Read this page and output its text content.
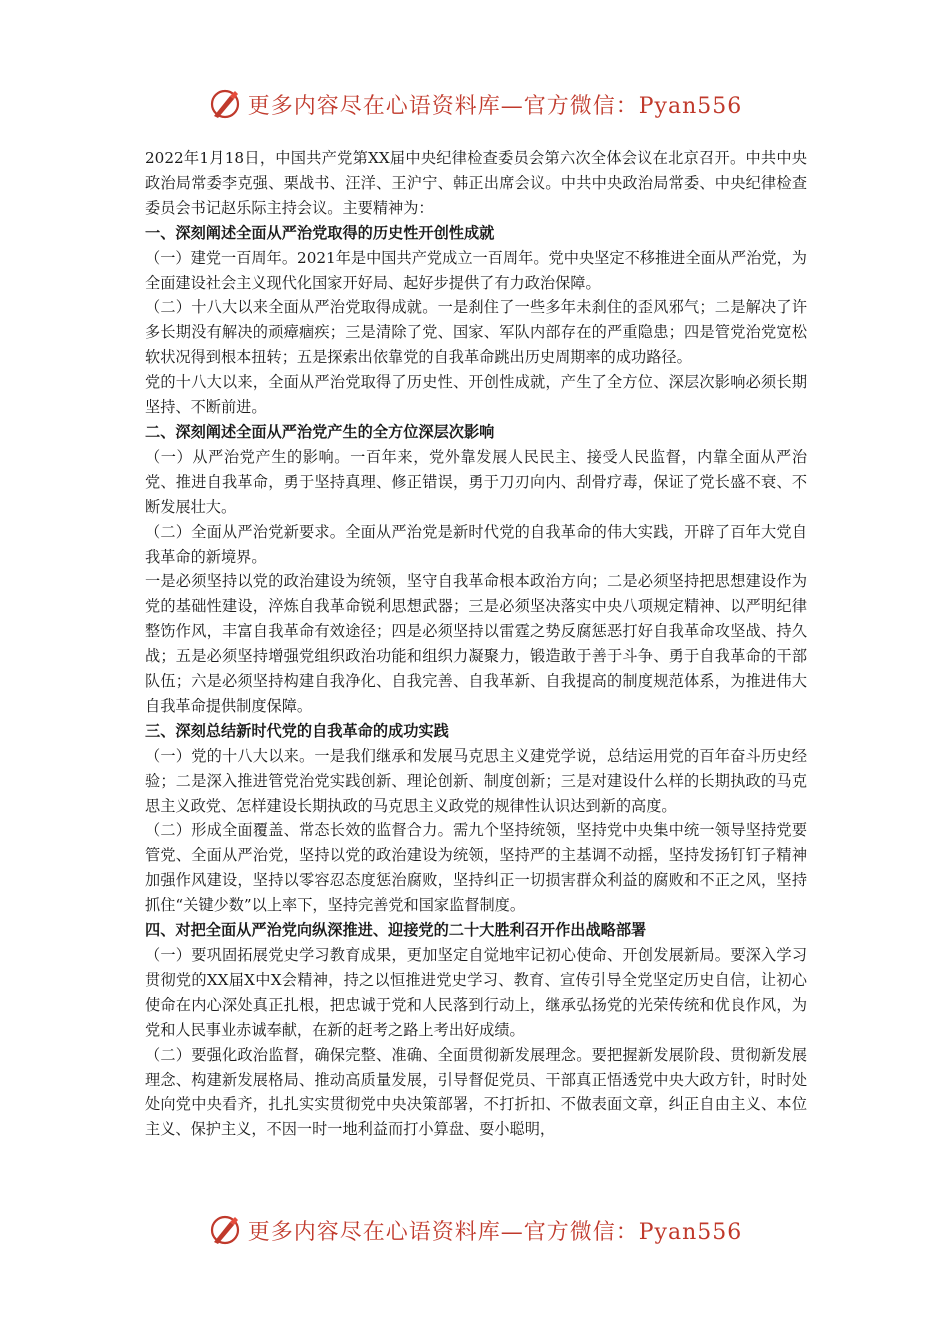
更多内容尽在心语资料库—官方微信：Pyan556

2022年1月18日，中国共产党第XX届中央纪律检查委员会第六次全体会议在北京召开。中共中央政治局常委李克强、栗战书、汪洋、王沪宁、韩正出席会议。中共中央政治局常委、中央纪律检查委员会书记赵乐际主持会议。主要精神为：

一、深刻阐述全面从严治党取得的历史性开创性成就

（一）建党一百周年。2021年是中国共产党成立一百周年。党中央坚定不移推进全面从严治党，为全面建设社会主义现代化国家开好局、起好步提供了有力政治保障。

（二）十八大以来全面从严治党取得成就。一是刹住了一些多年未刹住的歪风邪气；二是解决了许多长期没有解决的顽瘴痼疾；三是清除了党、国家、军队内部存在的严重隐患；四是管党治党宽松软状况得到根本扭转；五是探索出依靠党的自我革命跳出历史周期率的成功路径。

党的十八大以来，全面从严治党取得了历史性、开创性成就，产生了全方位、深层次影响必须长期坚持、不断前进。

二、深刻阐述全面从严治党产生的全方位深层次影响

（一）从严治党产生的影响。一百年来，党外靠发展人民民主、接受人民监督，内靠全面从严治党、推进自我革命，勇于坚持真理、修正错误，勇于刀刃向内、刮骨疗毒，保证了党长盛不衰、不断发展壮大。

（二）全面从严治党新要求。全面从严治党是新时代党的自我革命的伟大实践，开辟了百年大党自我革命的新境界。

一是必须坚持以党的政治建设为统领，坚守自我革命根本政治方向；二是必须坚持把思想建设作为党的基础性建设，淬炼自我革命锐利思想武器；三是必须坚决落实中央八项规定精神、以严明纪律整饬作风，丰富自我革命有效途径；四是必须坚持以雷霆之势反腐惩恶打好自我革命攻坚战、持久战；五是必须坚持增强党组织政治功能和组织力凝聚力，锻造敢于善于斗争、勇于自我革命的干部队伍；六是必须坚持构建自我净化、自我完善、自我革新、自我提高的制度规范体系，为推进伟大自我革命提供制度保障。

三、深刻总结新时代党的自我革命的成功实践

（一）党的十八大以来。一是我们继承和发展马克思主义建党学说，总结运用党的百年奋斗历史经验；二是深入推进管党治党实践创新、理论创新、制度创新；三是对建设什么样的长期执政的马克思主义政党、怎样建设长期执政的马克思主义政党的规律性认识达到新的高度。

（二）形成全面覆盖、常态长效的监督合力。需九个坚持统领，坚持党中央集中统一领导坚持党要管党、全面从严治党，坚持以党的政治建设为统领，坚持严的主基调不动摇，坚持发扬钉钉子精神加强作风建设，坚持以零容忍态度惩治腐败，坚持纠正一切损害群众利益的腐败和不正之风，坚持抓住“关键少数”以上率下，坚持完善党和国家监督制度。

四、对把全面从严治党向纵深推进、迎接党的二十大胜利召开作出战略部署

（一）要巩固拓展党史学习教育成果，更加坚定自觉地牢记初心使命、开创发展新局。要深入学习贯彻党的XX届X中X会精神，持之以恒推进党史学习、教育、宣传引导全党坚定历史自信，让初心使命在内心深处真正扎根，把忠诚于党和人民落到行动上，继承弘扬党的光荣传统和优良作风，为党和人民事业赤诚奉献，在新的赶考之路上考出好成绩。

（二）要强化政治监督，确保完整、准确、全面贯彻新发展理念。要把握新发展阶段、贯彻新发展理念、构建新发展格局、推动高质量发展，引导督促党员、干部真正悟透党中央大政方针，时时处处向党中央看齐，扎扎实实贯彻党中央决策部署，不打折扣、不做表面文章，纠正自由主义、本位主义、保护主义，不因一时一地利益而打小算盘、耍小聪明，

更多内容尽在心语资料库—官方微信：Pyan556
